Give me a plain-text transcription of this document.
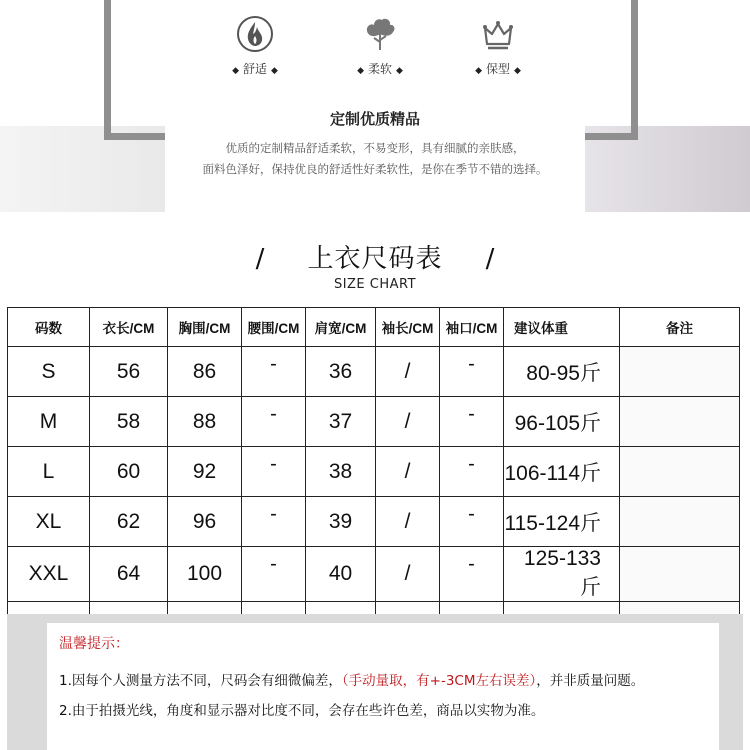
◆ 舒适 ◆	◆ 柔软 ◆	◆ 保型 ◆
定制优质精品
优质的定制精品舒适柔软，不易变形，具有细腻的亲肤感，
面料色泽好，保持优良的舒适性好柔软性，是你在季节不错的选择。
/ 上衣尺码表 /
SIZE CHART
码数	衣长/CM	胸围/CM	腰围/CM	肩宽/CM	袖长/CM	袖口/CM	建议体重	备注
S	56	86	-	36	/	-	80-95斤	
M	58	88	-	37	/	-	96-105斤	
L	60	92	-	38	/	-	106-114斤	
XL	62	96	-	39	/	-	115-124斤	
XXL	64	100	-	40	/	-	125-133斤	

温馨提示：
1.因每个人测量方法不同，尺码会有细微偏差，（手动量取，有+-3CM左右误差），并非质量问题。
2.由于拍摄光线，角度和显示器对比度不同，会存在些许色差，商品以实物为准。
